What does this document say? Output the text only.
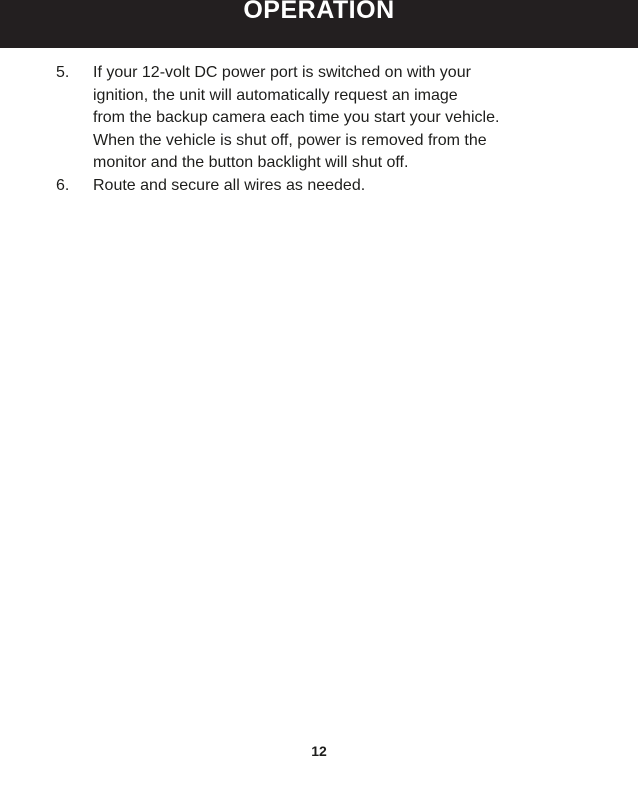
OPERATION
5.	If your 12-volt DC power port is switched on with your
ignition, the unit will automatically request an image
from the backup camera each time you start your vehicle.
When the vehicle is shut off, power is removed from the
monitor and the button backlight will shut off.
6.	Route and secure all wires as needed.
12
